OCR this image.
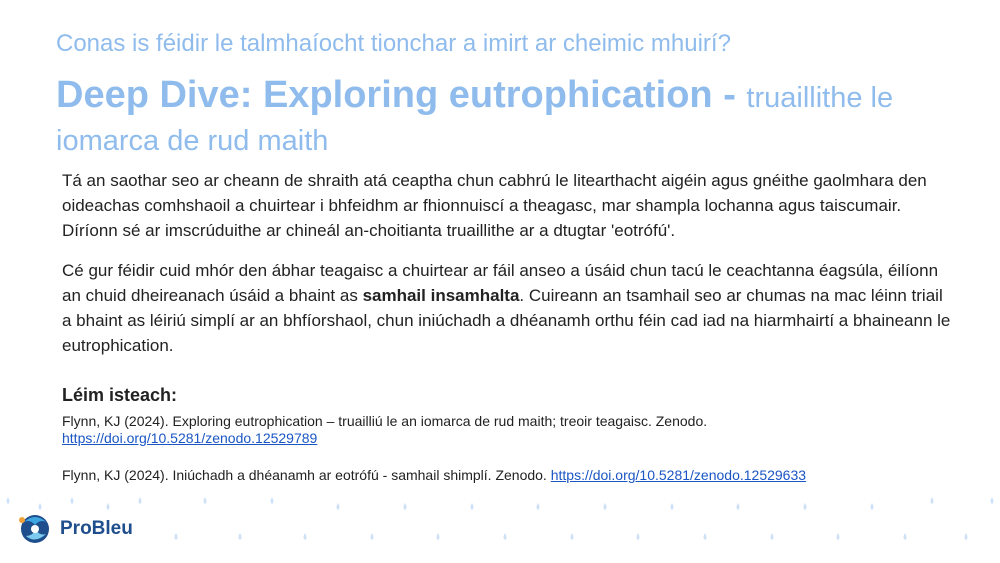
Conas is féidir le talmhaíocht tionchar a imirt ar cheimic mhuirí?
Deep Dive: Exploring eutrophication - truaillithe le iomarca de rud maith

Tá an saothar seo ar cheann de shraith atá ceaptha chun cabhrú le litearthacht aigéin agus gnéithe gaolmhara den oideachas comhshaoil a chuirtear i bhfeidhm ar fhionnuiscí a theagasc, mar shampla lochanna agus taiscumair. Díríonn sé ar imscrúduithe ar chineál an-choitianta truaillithe ar a dtugtar 'eotrófú'.

Cé gur féidir cuid mhór den ábhar teagaisc a chuirtear ar fáil anseo a úsáid chun tacú le ceachtanna éagsúla, éilíonn an chuid dheireanach úsáid a bhaint as samhail insamhalta. Cuireann an tsamhail seo ar chumas na mac léinn triail a bhaint as léiriú simplí ar an bhfíorshaol, chun iniúchadh a dhéanamh orthu féin cad iad na hiarmhairtí a bhaineann le eutrophication.

Léim isteach:
Flynn, KJ (2024). Exploring eutrophication – truailliú le an iomarca de rud maith; treoir teagaisc. Zenodo.
https://doi.org/10.5281/zenodo.12529789
Flynn, KJ (2024). Iniúchadh a dhéanamh ar eotrófú - samhail shimplí. Zenodo. https://doi.org/10.5281/zenodo.12529633
ProBleu
